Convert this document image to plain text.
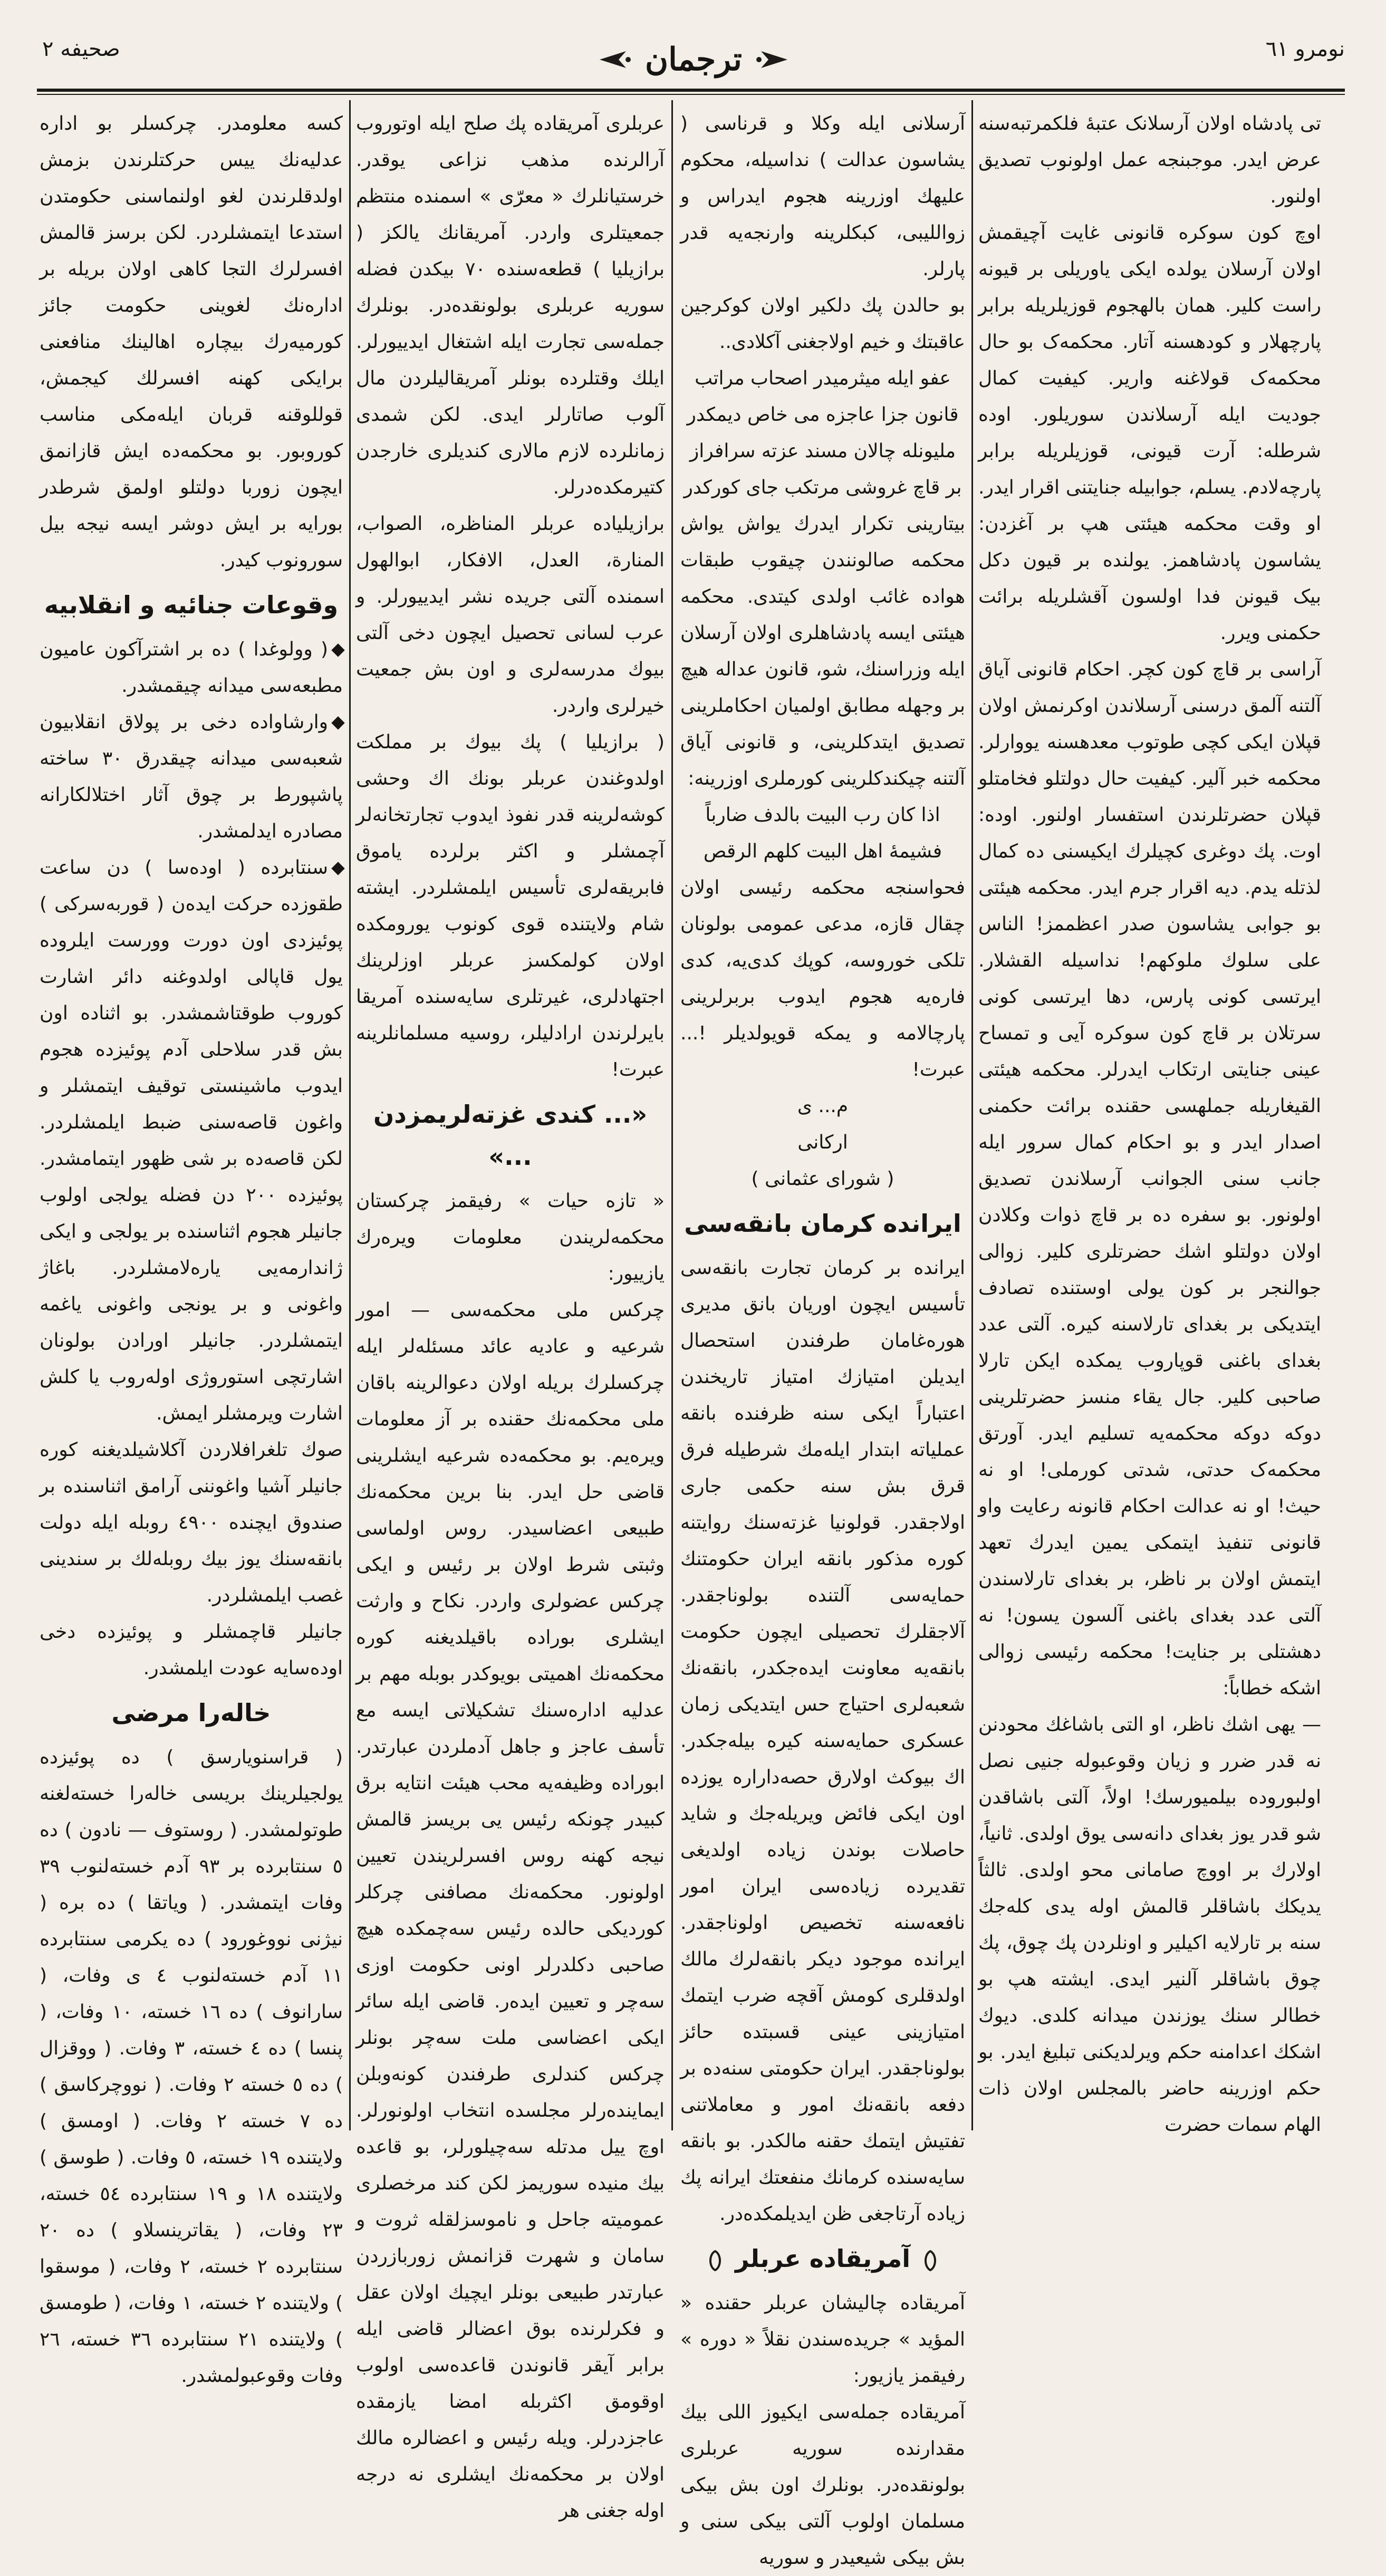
صحیفه ۲	ترجمان	نومرو ٦١

تی پادشاه اولان آرسلانک عتبهٔ فلکمرتبه‌سنه عرض ایدر. موجبنجه عمل اولونوب تصدیق اولنور.

اوچ کون سوکره قانونی غایت آچیقمش اولان آرسلان یولده ایکی یاوریلی بر قیونه راست کلیر. همان بالهجوم قوزیلریله برابر پارچهلار و کودهسنه آتار. محکمه‌ک بو حال محکمه‌ک قولاغنه واریر. کیفیت کمال جودیت ایله آرسلاندن سوریلور. اوده شرطله: آرت قیونی، قوزیلریله برابر پارچه‌لادم. یسلم، جوابیله جنایتنی اقرار ایدر. او وقت محکمه هیئتی هپ بر آغزدن: یشاسون پادشاهمز. یولنده بر قیون دکل بیک قیونن فدا اولسون آقشلریله برائت حکمنی ویرر.

آراسی بر قاچ کون کچر. احکام قانونی آیاق آلتنه آلمق درسنی آرسلاندن اوکرنمش اولان قپلان ایکی کچی طوتوب معدهسنه یووارلر. محکمه خبر آلیر. کیفیت حال دولتلو فخامتلو قپلان حضرتلرندن استفسار اولنور. اوده: اوت. پك دوغری کچیلرك ایکیسنی ده کمال لذتله یدم. دیه اقرار جرم ایدر. محکمه هیئتی بو جوابی یشاسون صدر اعظممز! الناس علی سلوك ملوكهم! ندا‌سیله القشلار. ایرتسی کونی پارس، دها ایرتسی کونی سرتلان بر قاچ کون سوکره آیی و تمساح عینی جنایتی ارتکاب ایدرلر. محکمه هیئتی القیغاریله جملهسی حقنده برائت حکمنی اصدار ایدر و بو احکام کمال سرور ایله جانب سنی الجوانب آرسلاندن تصدیق اولونور. بو سفره ده بر قاچ ذوات وکلادن اولان دولتلو اشك حضرتلری کلیر. زوالی جوالنجر بر کون یولی اوستنده تصادف ایتدیکی بر بغدای تارلاسنه کیره. آلتی عدد بغدای باغنی قوپاروب یمکده ایکن تارلا صاحبی کلیر. جال یقاء منسز حضرتلرینی دوکه دوکه محکمه‌یه تسلیم ایدر. آورتق محکمه‌ک حدتی، شدتی کورملی! او نه حیث! او نه عدالت احکام قانونه رعایت واو قانونی تنفیذ ایتمکی یمین ایدرك تعهد ایتمش اولان بر ناظر، بر بغدای تارلاسندن آلتی عدد بغدای باغنی آلسون یسون! نه دهشتلی بر جنایت! محکمه رئیسی زوالی اشکه خطاباً:

— یهی اشك ناظر، او التی باشاغك محودنن نه قدر ضرر و زیان وقوعبوله جنیی نصل اولبوروده بیلمیورسك! اولاً، آلتی باشاقدن شو قدر یوز بغدای دانه‌سی یوق اولدی. ثانیاً، اولارك بر اووچ صامانی محو اولدی. ثالثاً یدیکك باشاقلر قالمش اوله یدی کله‌جك سنه بر تارلایه اکیلیر و اونلردن پك چوق، پك چوق باشاقلر آلنیر ایدی. ایشته هپ بو خطالر سنك یوزندن میدانه کلدی. دیوك اشکك اعدامنه حکم ویرلدیکنی تبلیغ ایدر. بو حکم اوزرینه حاضر بالمجلس اولان ذات الهام سمات حضرت

آرسلانی ایله وکلا و قرناسی ( یشاسون عدالت ) نداسیله، محکوم علیهك اوزرینه هجوم ایدراس و زواللیبی، کبکلرینه وارنجه‌یه قدر پارلر.

بو حالدن پك دلکیر اولان کوکرجین عاقبتك و خیم اولاجغنی آکلادی..

عفو ایله میثرمیدر اصحاب مراتب

قانون جزا عاجزه ‌می خاص دیمکدر

ملیونله چالان مسند عزته سرافراز

بر قاچ غروشی مرتکب جای کورکدر

بیتارینی تکرار ایدرك یواش یواش محکمه صالونندن چیقوب طبقات هواده غائب اولدی کیتدی. محکمه هیئتی ایسه پادشاهلری اولان آرسلان ایله وزراسنك، شو، قانون عداله هیچ بر وجهله مطابق اولمیان احکاملرینی تصدیق ایتدکلرینی، و قانونی آیاق آلتنه چیکندکلرینی کورملری اوزرینه:

اذا کان رب البیت بالدف ضارباً

فشیمهٔ اهل البیت کلهم الرقص

فحواسنجه محکمه رئیسی اولان چقال قازه، مدعی عمومی بولونان تلکی خوروسه، کوپك کدی‌یه، کدی فاره‌یه هجوم ایدوب بربرلرینی پارچالامه و یمکه قویولدیلر !... عبرت!

م... ی

ارکانی

( شورای عثمانی )

ایرانده کرمان بانقه‌سی

ایرانده بر کرمان تجارت بانقه‌سی تأسیس ایچون اوریان بانق مدیری هوره‌غامان طرفندن استحصال ایدیلن امتیازك امتیاز تاریخندن اعتباراً ایکی سنه ظرفنده بانقه عملیاته ابتدار ایلەمك شرطیله فرق قرق بش سنه حکمی جاری اولاجقدر. قولونیا غزته‌سنك روایتنه کوره مذکور بانقه ایران حکومتنك حمایه‌سی آلتنده بولوناجقدر. آلاجقلرك تحصیلی ایچون حکومت بانقه‌یه معاونت ایده‌جکدر، بانقه‌نك شعبه‌لری احتیاج حس ایتدیکی زمان عسکری حمایه‌سنه کیره بیله‌جکدر. اك بیوکث اولارق حصه‌داراره یوزده اون ایکی فائض ویریله‌جك و شاید حاصلات بوندن زیاده اولدیغی تقدیرده زیاده‌سی ایران امور نافعه‌سنه تخصیص اولوناجقدر. ایرانده موجود دیکر بانقه‌لرك مالك اولدقلری کومش آقچه ضرب ایتمك امتیازینی عینی قسبتده حائز بولوناجقدر. ایران حکومتی سنه‌ده بر دفعه بانقه‌نك امور و معاملاتنی تفتیش ایتمك حقنه مالکدر. بو بانقه سایه‌سنده کرمانك منفعتك ایرانه پك زیاده آرتاجغی ظن ایدیلمکده‌در.

آمریقاده عربلر

آمریقاده چالیشان عربلر حقنده « المؤید » جریده‌سندن نقلاً « دوره » رفیقمز یازیور:

آمریقاده جمله‌سی ایکیوز اللی بیك مقدارنده سوریه عربلری بولونقده‌در. بونلرك اون بش بیکی مسلمان اولوب آلتی بیکی سنی و بش بیکی شیعیدر و سوریه

عربلری آمریقاده پك صلح ایله اوتوروب آرالرنده مذهب نزاعی یوقدر. خرستیانلرك « معرّی » اسمنده منتظم جمعیتلری واردر. آمریقانك یالکز ( برازیلیا ) قطعه‌سنده ٧٠ بیکدن فضله سوریه عربلری بولونقده‌در. بونلرك جمله‌سی تجارت ایله اشتغال ایدییورلر. ایلك وقتلرده بونلر آمریقالیلردن مال آلوب صاتارلر ایدی. لکن شمدی زمانلرده لازم مالاری کندیلری خارجدن کتیرمکده‌درلر.

برازیلیاده عربلر المناظره، الصواب، المنارة، العدل، الافکار، ابوالهول اسمنده آلتی جریده نشر ایدییورلر. و عرب لسانی تحصیل ایچون دخی آلتی بیوك مدرسه‌لری و اون بش جمعیت خیرلری واردر.

( برازیلیا ) پك بیوك بر مملکت اولدوغندن عربلر بونك اك وحشی کوشه‌لرینه قدر نفوذ ایدوب تجارتخانه‌لر آچمشلر و اکثر برلرده یاموق فابریقه‌لری تأسیس ایلمشلردر. ایشته شام ولایتنده قوی کونوب یورومکده اولان کولمکسز عربلر اوزلرینك اجتهادلری، غیرتلری سایه‌سنده آمریقا بایرلرندن ارادلیلر، روسیه مسلمانلرینه عبرت!

«... کندی غزته‌لریمزدن ...»

« تازه حیات » رفیقمز چرکستان محکمه‌لریندن معلومات ویرەرك یازییور:

چرکس ملی محکمه‌سی — امور شرعیه و عادیه عائد مسئله‌لر ایله چرکسلرك بریله اولان دعوالرینه باقان ملی محکمه‌نك حقنده بر آز معلومات ویرەیم. بو محکمه‌ده شرعیه ایشلرینی قاضی حل ایدر. بنا برین محکمه‌نك طبیعی اعضاسیدر. روس اولماسی وثبتی شرط اولان بر رئیس و ایکی چرکس عضولری واردر. نکاح و وارثت ایشلری بوراده باقیلدیغنه کوره محکمه‌نك اهمیتی بویوکدر بوبله مهم بر عدلیه اداره‌سنك تشکیلاتی ایسه مع تأسف عاجز و جاهل آدملردن عبارتدر. ابوراده وظیفه‌یه محب هیئت انتایه برق کبیدر چونکه رئیس یی بریسز قالمش نیجه کهنه روس افسرلریندن تعیین اولونور. محکمه‌نك مصافنی چرکلر کوردیکی حالده رئیس سه‌چمکده هیچ صاحبی دکلدرلر اونی حکومت اوزی سه‌چر و تعیین ایدەر. قاضی ایله سائر ایکی اعضاسی ملت سه‌چر بونلر چرکس کندلری طرفندن کونەوبلن ایمایندەرلر مجلسده انتخاب اولونورلر. اوچ ییل مدتله سه‌چیلورلر، بو قاعده بیك منیدە سوریمز لکن کند مرخصلری عمومیته جاحل و ناموسزلقله ثروت و سامان و شهرت قزانمش زوربازردن عبارتدر طبیعی بونلر ایچیك اولان عقل و فکرلرنده بوق اعضالر قاضی ایله برابر آیقر قانوندن قاعده‌سی اولوب اوقومق اکثربله امضا یازمقده عاجزدرلر. ویله رئیس و اعضالره مالك اولان بر محکمه‌نك ایشلری نه درجه اولە جغنی هر

کسه معلومدر. چرکسلر بو اداره عدلیه‌نك ییس حرکتلرندن بزمش اولدقلرندن لغو اولنماسنی حکومتدن استدعا ایتمشلردر. لکن برسز قالمش افسرلرك التجا کاهی اولان بریله بر اداره‌نك لغوینی حکومت جائز کورمیەرك بیچاره اهالینك منافعنی برایکی کهنه افسرلك کیجمش، قوللوقنه قربان ایلەمکی مناسب کوروبور. بو محکمه‌ده ایش قازانمق ایچون زوربا دولتلو اولمق شرطدر بورایه بر ایش دوشر ایسه نیجه بیل سورونوب کیدر.

وقوعات جنائیه و انقلابیه

( وولوغدا ) ده بر اشترآکون عامیون مطبعه‌سی میدانه چیقمشدر.

وارشاواده دخی بر پولاق انقلابیون شعبه‌سی میدانه چیقدرق ٣٠ ساخته پاشپورط بر چوق آثار اختلالکارانه مصادره ایدلمشدر.

سنتابرده ( اوده‌سا ) دن ساعت طقوزده حرکت ایدەن ( قوربەسرکی ) پوئیزدی اون دورت وورست ایلروده یول قاپالی اولدوغنه دائر اشارت کوروب طوقتاشمشدر. بو اثناده اون بش قدر سلاحلی آدم پوئیزده هجوم ایدوب ماشینستی توقیف ایتمشلر و واغون قاصه‌سنی ضبط ایلمشلردر. لکن قاصه‌ده بر شی ظهور ایتمامشدر. پوئیزده ٢٠٠ دن فضله یولجی اولوب جانیلر هجوم اثناسنده بر یولجی و ایکی ژاندارمه‌یی یاره‌لامشلردر. باغاژ واغونی و بر یونجی واغونی یاغمه ایتمشلردر. جانیلر اورادن بولونان اشارتچی استوروژی اوله‌روب یا کلش اشارت ویرمشلر ایمش.

صوك تلغرافلاردن آکلاشیلدیغنه کوره جانیلر آشیا واغوننی آرامق اثناسنده بر صندوق ایچنده ٤٩٠٠ روبله ایله دولت بانقه‌سنك یوز بیك روبله‌لك بر سندینی غصب ایلمشلردر.

جانیلر قاچمشلر و پوئیزده دخی اوده‌سایه عودت ایلمشدر.

خالەرا مرضی

( قراسنویارسق ) ده پوئیزده یولجیلرینك بریسی خالەرا خسته‌لغنه طوتولمشدر. ( روستوف — نادون ) ده ٥ سنتابرده بر ٩٣ آدم خسته‌لنوب ٣٩ وفات ایتمشدر. ( ویاتقا ) ده بره ( نیژنی نووغورود ) ده یکرمی سنتابرده ١١ آدم خسته‌لنوب ٤ ی وفات، ( سارانوف ) ده ١٦ خسته، ١٠ وفات، ( پنسا ) ده ٤ خسته، ٣ وفات. ( ووقزال ) ده ٥ خسته ٢ وفات. ( نووچرکاسق ) ده ٧ خسته ٢ وفات. ( اومسق ) ولایتنده ١٩ خسته، ٥ وفات. ( طوسق ) ولایتنده ١٨ و ١٩ سنتابرده ٥٤ خسته، ٢٣ وفات، ( یقاترینسلاو ) ده ٢٠ سنتابرده ٢ خسته، ٢ وفات، ( موسقوا ) ولایتنده ٢ خسته، ١ وفات، ( طومسق ) ولایتنده ٢١ سنتابرده ٣٦ خسته، ٢٦ وفات وقوعبولمشدر.
